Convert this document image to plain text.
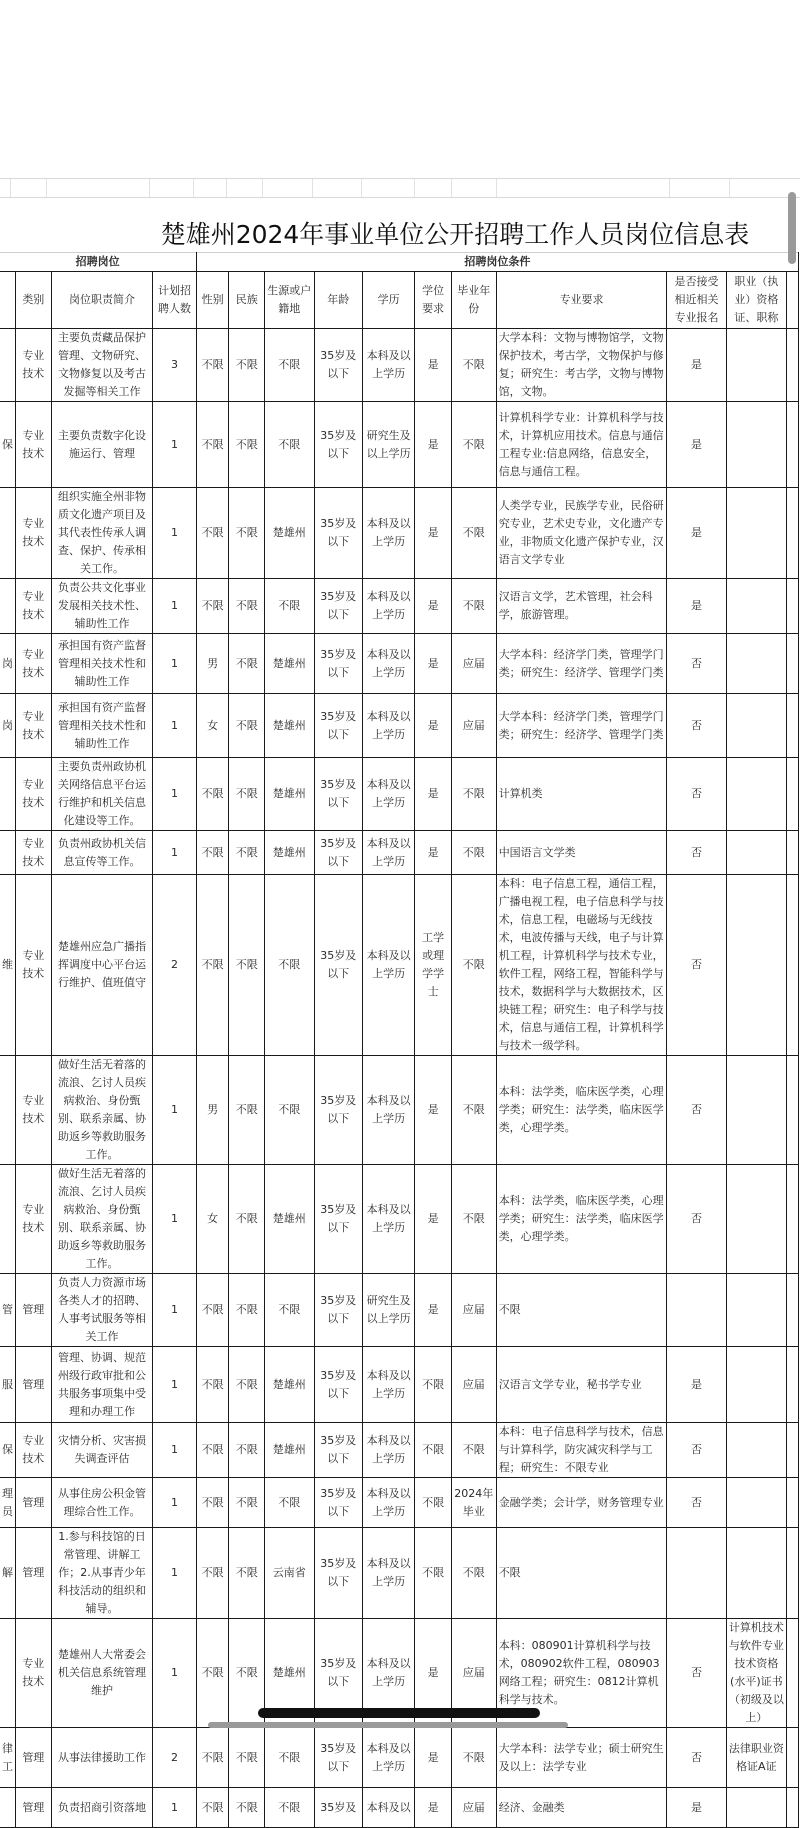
楚雄州2024年事业单位公开招聘工作人员岗位信息表
招聘岗位				招聘岗位条件										
	类别	岗位职责简介	计划招聘人数	性别	民族	生源或户籍地	年龄	学历	学位要求	毕业年份	专业要求	是否接受相近相关专业报名	职业（执业）资格证、职称	
	专业技术	主要负责藏品保护管理、文物研究、文物修复以及考古发掘等相关工作	3	不限	不限	不限	35岁及以下	本科及以上学历	是	不限	大学本科：文物与博物馆学，文物保护技术，考古学，文物保护与修复；研究生：考古学，文物与博物馆，文物。	是		
保	专业技术	主要负责数字化设施运行、管理	1	不限	不限	不限	35岁及以下	研究生及以上学历	是	不限	计算机科学专业：计算机科学与技术，计算机应用技术。信息与通信工程专业:信息网络，信息安全，信息与通信工程。	是		
	专业技术	组织实施全州非物质文化遗产项目及其代表性传承人调查、保护、传承相关工作。	1	不限	不限	楚雄州	35岁及以下	本科及以上学历	是	不限	人类学专业，民族学专业，民俗研究专业，艺术史专业，文化遗产专业，非物质文化遗产保护专业，汉语言文学专业	是		
	专业技术	负责公共文化事业发展相关技术性、辅助性工作	1	不限	不限	不限	35岁及以下	本科及以上学历	是	不限	汉语言文学，艺术管理，社会科学，旅游管理。	是		
岗	专业技术	承担国有资产监督管理相关技术性和辅助性工作	1	男	不限	楚雄州	35岁及以下	本科及以上学历	是	应届	大学本科：经济学门类，管理学门类；研究生：经济学、管理学门类	否		
岗	专业技术	承担国有资产监督管理相关技术性和辅助性工作	1	女	不限	楚雄州	35岁及以下	本科及以上学历	是	应届	大学本科：经济学门类，管理学门类；研究生：经济学、管理学门类	否		
	专业技术	主要负责州政协机关网络信息平台运行维护和机关信息化建设等工作。	1	不限	不限	楚雄州	35岁及以下	本科及以上学历	是	不限	计算机类	否		
	专业技术	负责州政协机关信息宣传等工作。	1	不限	不限	楚雄州	35岁及以下	本科及以上学历	是	不限	中国语言文学类	否		
维	专业技术	楚雄州应急广播指挥调度中心平台运行维护、值班值守	2	不限	不限	不限	35岁及以下	本科及以上学历	工学或理学学士	不限	本科：电子信息工程，通信工程，广播电视工程，电子信息科学与技术，信息工程，电磁场与无线技术，电波传播与天线，电子与计算机工程，计算机科学与技术专业，软件工程，网络工程，智能科学与技术，数据科学与大数据技术，区块链工程；研究生：电子科学与技术，信息与通信工程，计算机科学与技术一级学科。	否		
	专业技术	做好生活无着落的流浪、乞讨人员疾病救治、身份甄别、联系亲属、协助返乡等救助服务工作。	1	男	不限	不限	35岁及以下	本科及以上学历	是	不限	本科：法学类，临床医学类，心理学类；研究生：法学类，临床医学类，心理学类。	否		
	专业技术	做好生活无着落的流浪、乞讨人员疾病救治、身份甄别、联系亲属、协助返乡等救助服务工作。	1	女	不限	楚雄州	35岁及以下	本科及以上学历	是	不限	本科：法学类，临床医学类，心理学类；研究生：法学类，临床医学类，心理学类。	否		
管	管理	负责人力资源市场各类人才的招聘、人事考试服务等相关工作	1	不限	不限	不限	35岁及以下	研究生及以上学历	是	应届	不限			
服	管理	管理、协调、规范州级行政审批和公共服务事项集中受理和办理工作	1	不限	不限	楚雄州	35岁及以下	本科及以上学历	不限	应届	汉语言文学专业，秘书学专业	是		
保	专业技术	灾情分析、灾害损失调查评估	1	不限	不限	楚雄州	35岁及以下	本科及以上学历	不限	不限	本科：电子信息科学与技术，信息与计算科学，防灾减灾科学与工程；研究生：不限专业	否		
理员	管理	从事住房公积金管理综合性工作。	1	不限	不限	不限	35岁及以下	本科及以上学历	不限	2024年毕业	金融学类；会计学，财务管理专业	否		
解	管理	1.参与科技馆的日常管理、讲解工作；2.从事青少年科技活动的组织和辅导。	1	不限	不限	云南省	35岁及以下	本科及以上学历	不限	不限	不限			
	专业技术	楚雄州人大常委会机关信息系统管理维护	1	不限	不限	楚雄州	35岁及以下	本科及以上学历	是	应届	本科：080901计算机科学与技术，080902软件工程，080903网络工程；研究生：0812计算机科学与技术。	否	计算机技术与软件专业技术资格(水平)证书（初级及以上）	
律工	管理	从事法律援助工作	2	不限	不限	不限	35岁及以下	本科及以上学历	是	不限	大学本科：法学专业；硕士研究生及以上：法学专业	否	法律职业资格证A证	
	管理	负责招商引资落地	1	不限	不限	不限	35岁及	本科及以	是	应届	经济、金融类	是		
